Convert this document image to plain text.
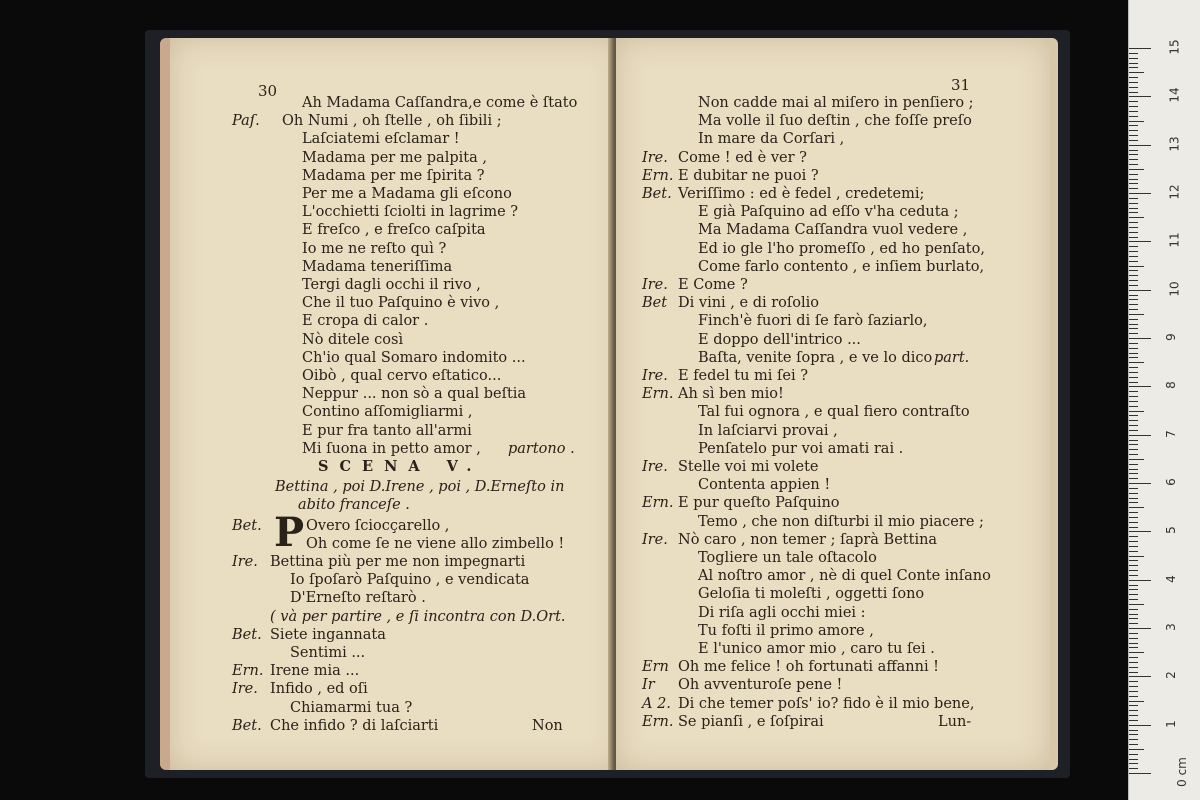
30
Ah Madama Caſſandra,e come è ſtato
Paſ. Oh Numi , oh ſtelle , oh ſibili ;
Laſciatemi eſclamar !
Madama per me palpita ,
Madama per me ſpirita ?
Per me a Madama gli eſcono
L'occhietti ſciolti in lagrime ?
E freſco , e freſco caſpita
Io me ne reſto quì ?
Madama teneriſſima
Tergi dagli occhi il rivo ,
Che il tuo Paſquino è vivo ,
E cropa di calor .
Nò ditele così
Ch'io qual Somaro indomito ...
Oibò , qual cervo eſtatico...
Neppur ... non sò a qual beſtia
Contino aſſomigliarmi ,
E pur fra tanto all'armi
Mi ſuona in petto amor , partono .
SCENA V.
Bettina , poi D.Irene , poi , D.Erneſto in
abito franceſe .
P
Bet.	Overo ſciocçarello ,
Oh come ſe ne viene allo zimbello !
Ire. Bettina più per me non impegnarti
Io ſpoſarò Paſquino , e vendicata
D'Erneſto reſtarò .
( và per partire , e ſi incontra con D.Ort.
Bet. Siete ingannata
Sentimi ...
Ern. Irene mia ...
Ire. Infido , ed oſi
Chiamarmi tua ?
Bet. Che infido ? di laſciarti	Non
31
Non cadde mai al miſero in penſiero ;
Ma volle il ſuo deſtin , che foſſe preſo
In mare da Corſari ,
Ire. Come ! ed è ver ?
Ern. E dubitar ne puoi ?
Bet. Veriſſimo : ed è fedel , credetemi;
E già Paſquino ad eſſo v'ha ceduta ;
Ma Madama Caſſandra vuol vedere ,
Ed io gle l'ho promeſſo , ed ho penſato,
Come farlo contento , e inſiem burlato,
Ire. E Come ?
Bet Di vini , e di roſolio
Finch'è fuori di ſe farò ſaziarlo,
E doppo dell'intrico ...
Baſta, venite ſopra , e ve lo dico .
part.
Ire. E fedel tu mi ſei ?
Ern. Ah sì ben mio!
Tal fui ognora , e qual fiero contraſto
In laſciarvi provai ,
Penſatelo pur voi amati rai .
Ire. Stelle voi mi volete
Contenta appien !
Ern. E pur queſto Paſquino
Temo , che non diſturbi il mio piacere ;
Ire. Nò caro , non temer ; ſaprà Bettina
Togliere un tale oſtacolo
Al noſtro amor , nè di quel Conte inſano
Geloſia ti moleſti , oggetti ſono
Di riſa agli occhi miei :
Tu foſti il primo amore ,
E l'unico amor mio , caro tu ſei .
Ern Oh me felice ! oh fortunati affanni !
Ir Oh avventuroſe pene !
A 2. Di che temer poſs' io? fido è il mio bene,
Ern. Se pianſi , e ſoſpirai	Lun-
15
14
13
12
11
10
9
8
7
6
5
4
3
2
1
0 cm
